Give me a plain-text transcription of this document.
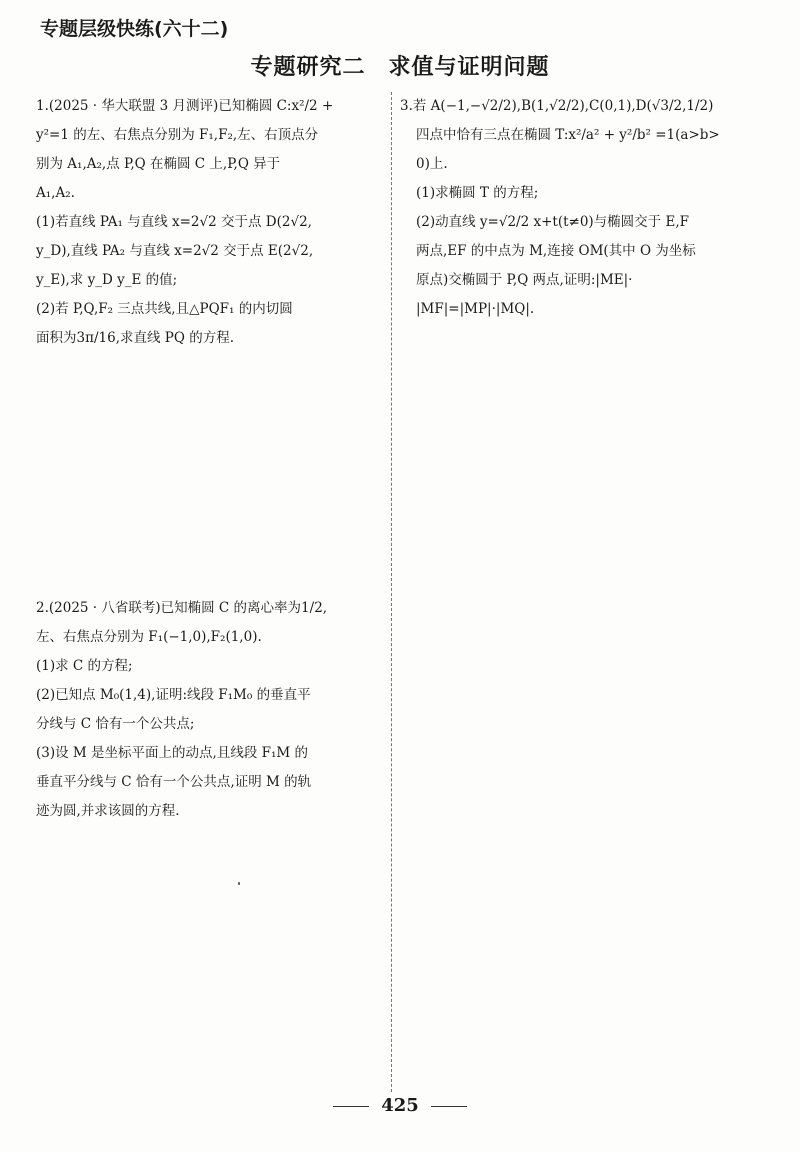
专题层级快练(六十二)
专题研究二　求值与证明问题

1.(2025 · 华大联盟 3 月测评)已知椭圆 C:x²/2 +

y²=1 的左、右焦点分别为 F₁,F₂,左、右顶点分

别为 A₁,A₂,点 P,Q 在椭圆 C 上,P,Q 异于

A₁,A₂.

(1)若直线 PA₁ 与直线 x=2√2 交于点 D(2√2,

y_D),直线 PA₂ 与直线 x=2√2 交于点 E(2√2,

y_E),求 y_D y_E 的值;

(2)若 P,Q,F₂ 三点共线,且△PQF₁ 的内切圆

面积为3π/16,求直线 PQ 的方程.

2.(2025 · 八省联考)已知椭圆 C 的离心率为1/2,

左、右焦点分别为 F₁(−1,0),F₂(1,0).

(1)求 C 的方程;

(2)已知点 M₀(1,4),证明:线段 F₁M₀ 的垂直平

分线与 C 恰有一个公共点;

(3)设 M 是坐标平面上的动点,且线段 F₁M 的

垂直平分线与 C 恰有一个公共点,证明 M 的轨

迹为圆,并求该圆的方程.

3.若 A(−1,−√2/2),B(1,√2/2),C(0,1),D(√3/2,1/2)

四点中恰有三点在椭圆 T:x²/a² + y²/b² =1(a>b>

0)上.

(1)求椭圆 T 的方程;

(2)动直线 y=√2/2 x+t(t≠0)与椭圆交于 E,F

两点,EF 的中点为 M,连接 OM(其中 O 为坐标

原点)交椭圆于 P,Q 两点,证明:|ME|·

|MF|=|MP|·|MQ|.

425
